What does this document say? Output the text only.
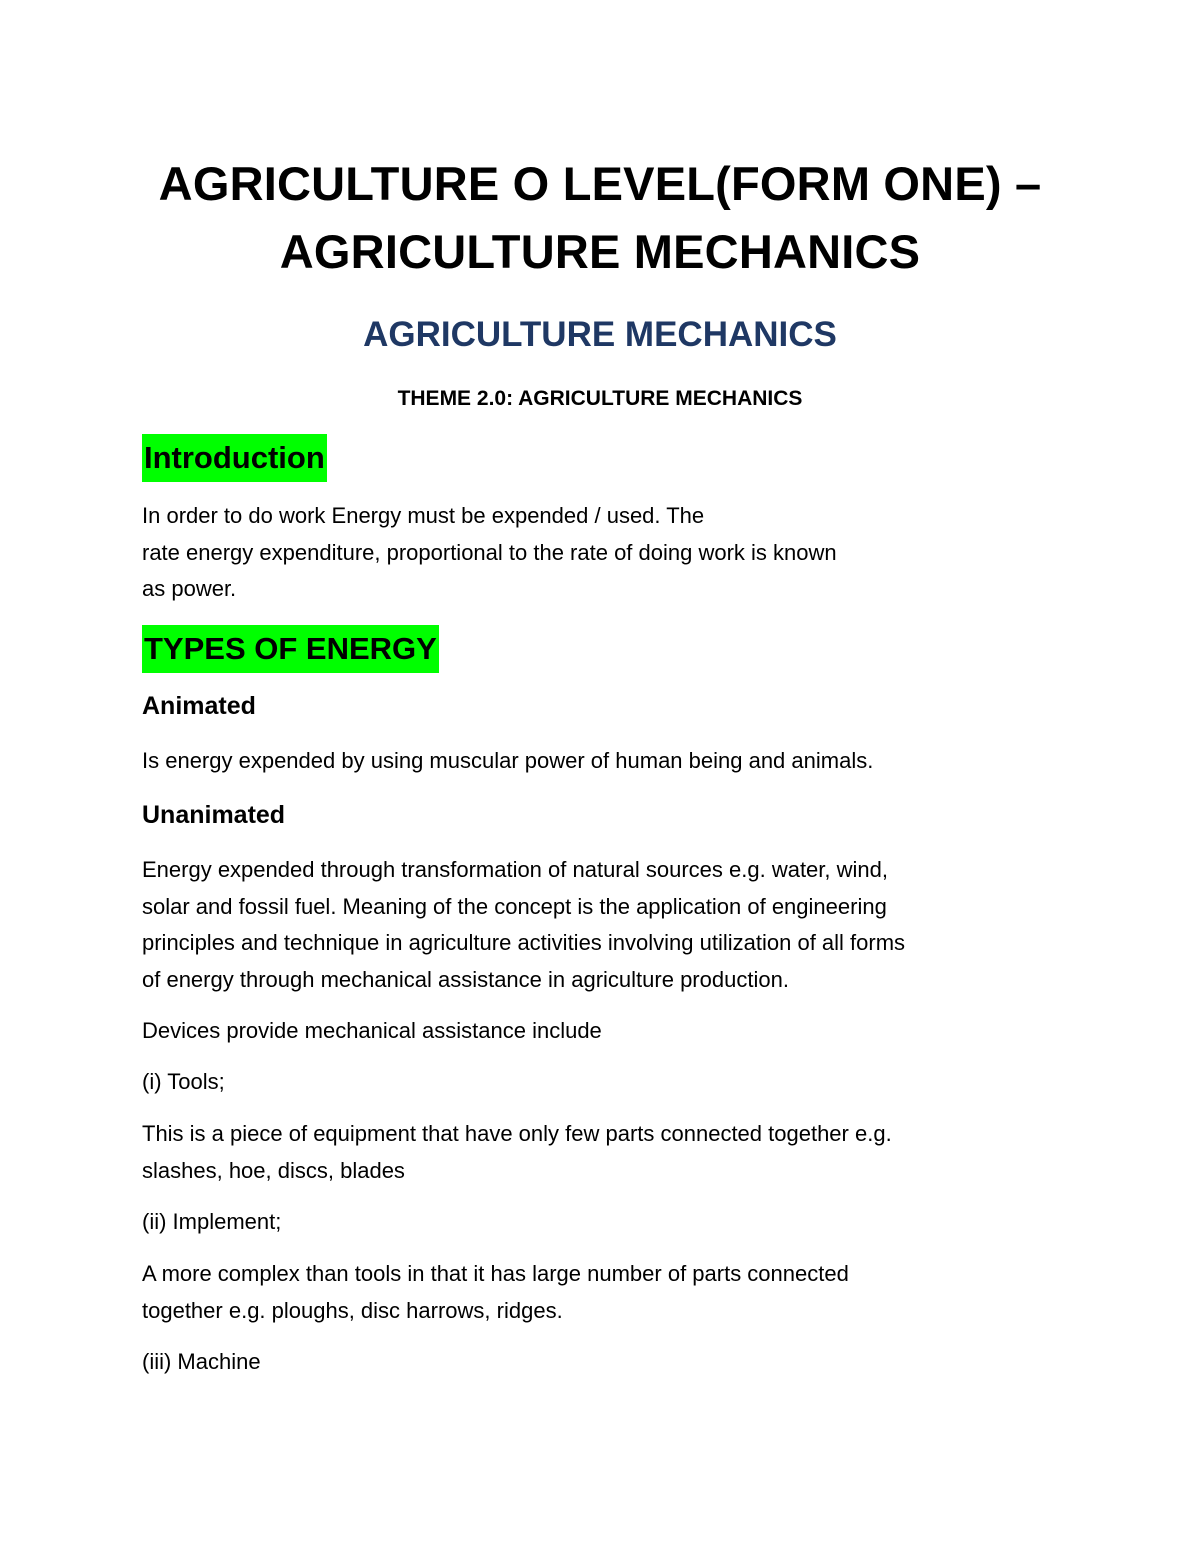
AGRICULTURE O LEVEL(FORM ONE) –
AGRICULTURE MECHANICS
AGRICULTURE MECHANICS
THEME 2.0: AGRICULTURE MECHANICS
Introduction
In order to do work Energy must be expended / used. The
rate energy expenditure, proportional to the rate of doing work is known
as power.
TYPES OF ENERGY
Animated
Is energy expended by using muscular power of human being and animals.
Unanimated
Energy expended through transformation of natural sources e.g. water, wind,
solar and fossil fuel. Meaning of the concept is the application of engineering
principles and technique in agriculture activities involving utilization of all forms
of energy through mechanical assistance in agriculture production.
Devices provide mechanical assistance include
(i) Tools;
This is a piece of equipment that have only few parts connected together e.g.
slashes, hoe, discs, blades
(ii) Implement;
A more complex than tools in that it has large number of parts connected
together e.g. ploughs, disc harrows, ridges.
(iii) Machine
